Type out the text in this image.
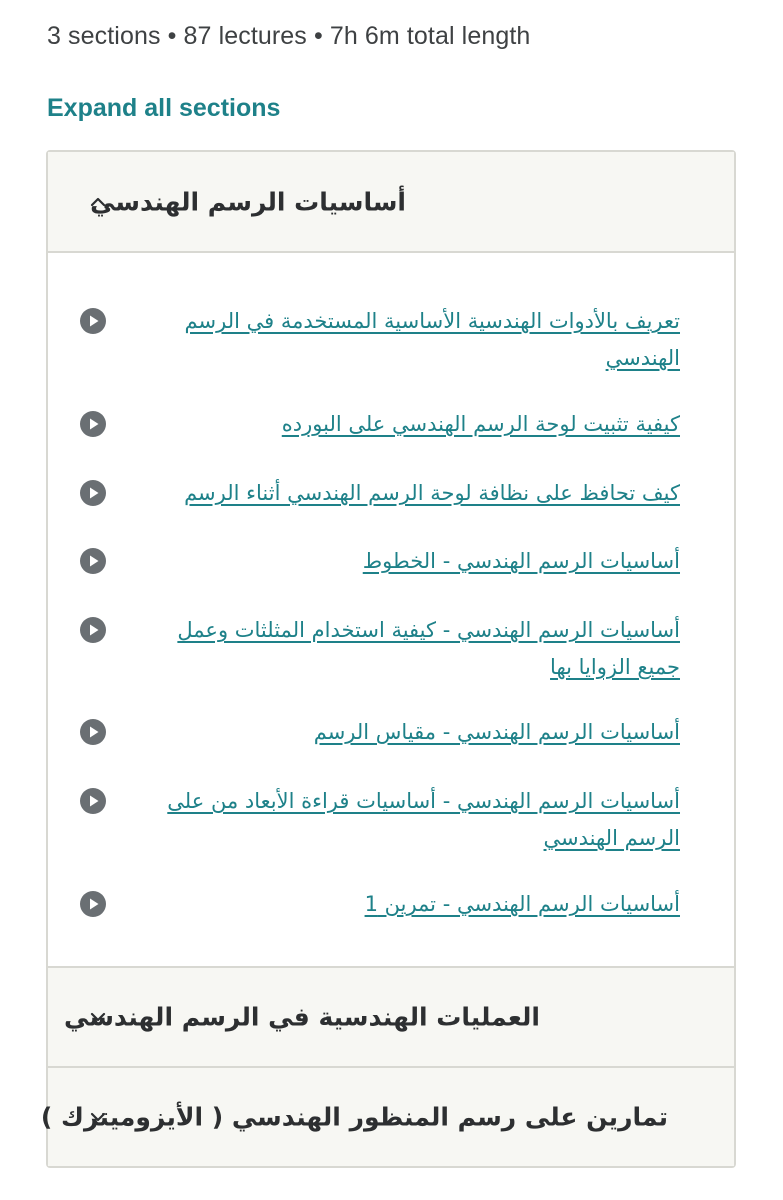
3 sections • 87 lectures • 7h 6m total length
Expand all sections
أساسيات الرسم الهندسي
تعريف بالأدوات الهندسية الأساسية المستخدمة في الرسم الهندسي
كيفية تثبيت لوحة الرسم الهندسي على البورده
كيف تحافظ على نظافة لوحة الرسم الهندسي أثناء الرسم
أساسيات الرسم الهندسي - الخطوط
أساسيات الرسم الهندسي - كيفية استخدام المثلثات وعمل جميع الزوايا بها
أساسيات الرسم الهندسي - مقياس الرسم
أساسيات الرسم الهندسي - أساسيات قراءة الأبعاد من على الرسم الهندسي
أساسيات الرسم الهندسي - تمرين 1
العمليات الهندسية في الرسم الهندسي
تمارين على رسم المنظور الهندسي ( الأيزوميترك )
